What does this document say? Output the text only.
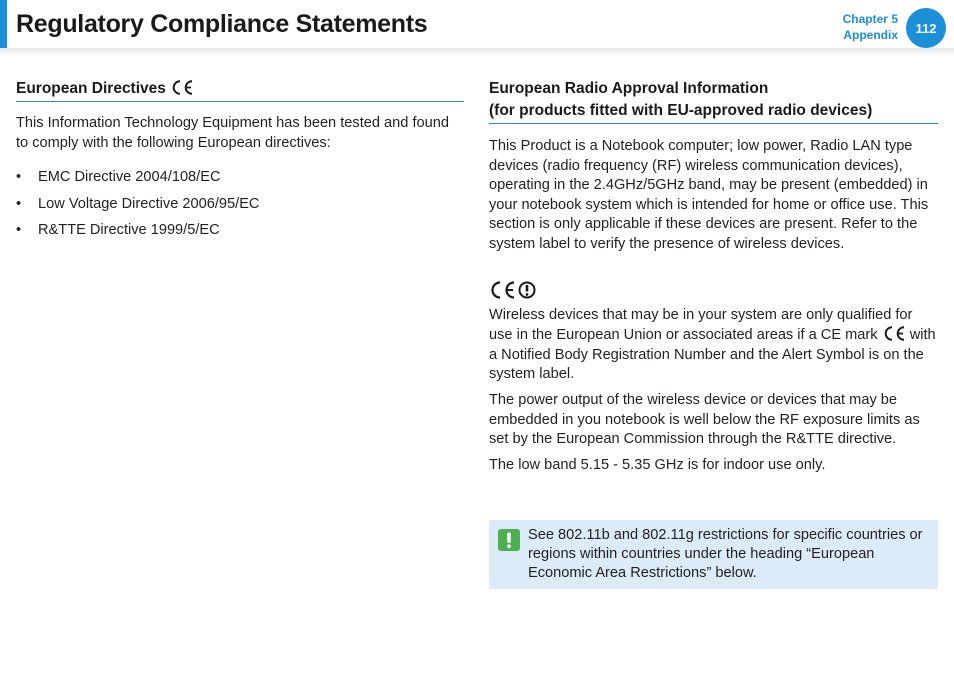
Regulatory Compliance Statements	Chapter 5
Appendix	112
European Directives

This Information Technology Equipment has been tested and found to comply with the following European directives:

• EMC Directive 2004/108/EC
• Low Voltage Directive 2006/95/EC
• R&TTE Directive 1999/5/EC
European Radio Approval Information
(for products fitted with EU-approved radio devices)

This Product is a Notebook computer; low power, Radio LAN type devices (radio frequency (RF) wireless communication devices), operating in the 2.4GHz/5GHz band, may be present (embedded) in your notebook system which is intended for home or office use. This section is only applicable if these devices are present. Refer to the system label to verify the presence of wireless devices.

Wireless devices that may be in your system are only qualified for use in the European Union or associated areas if a CE mark with a Notified Body Registration Number and the Alert Symbol is on the system label.

The power output of the wireless device or devices that may be embedded in you notebook is well below the RF exposure limits as set by the European Commission through the R&TTE directive.

The low band 5.15 - 5.35 GHz is for indoor use only.

See 802.11b and 802.11g restrictions for specific countries or regions within countries under the heading “European Economic Area Restrictions” below.
